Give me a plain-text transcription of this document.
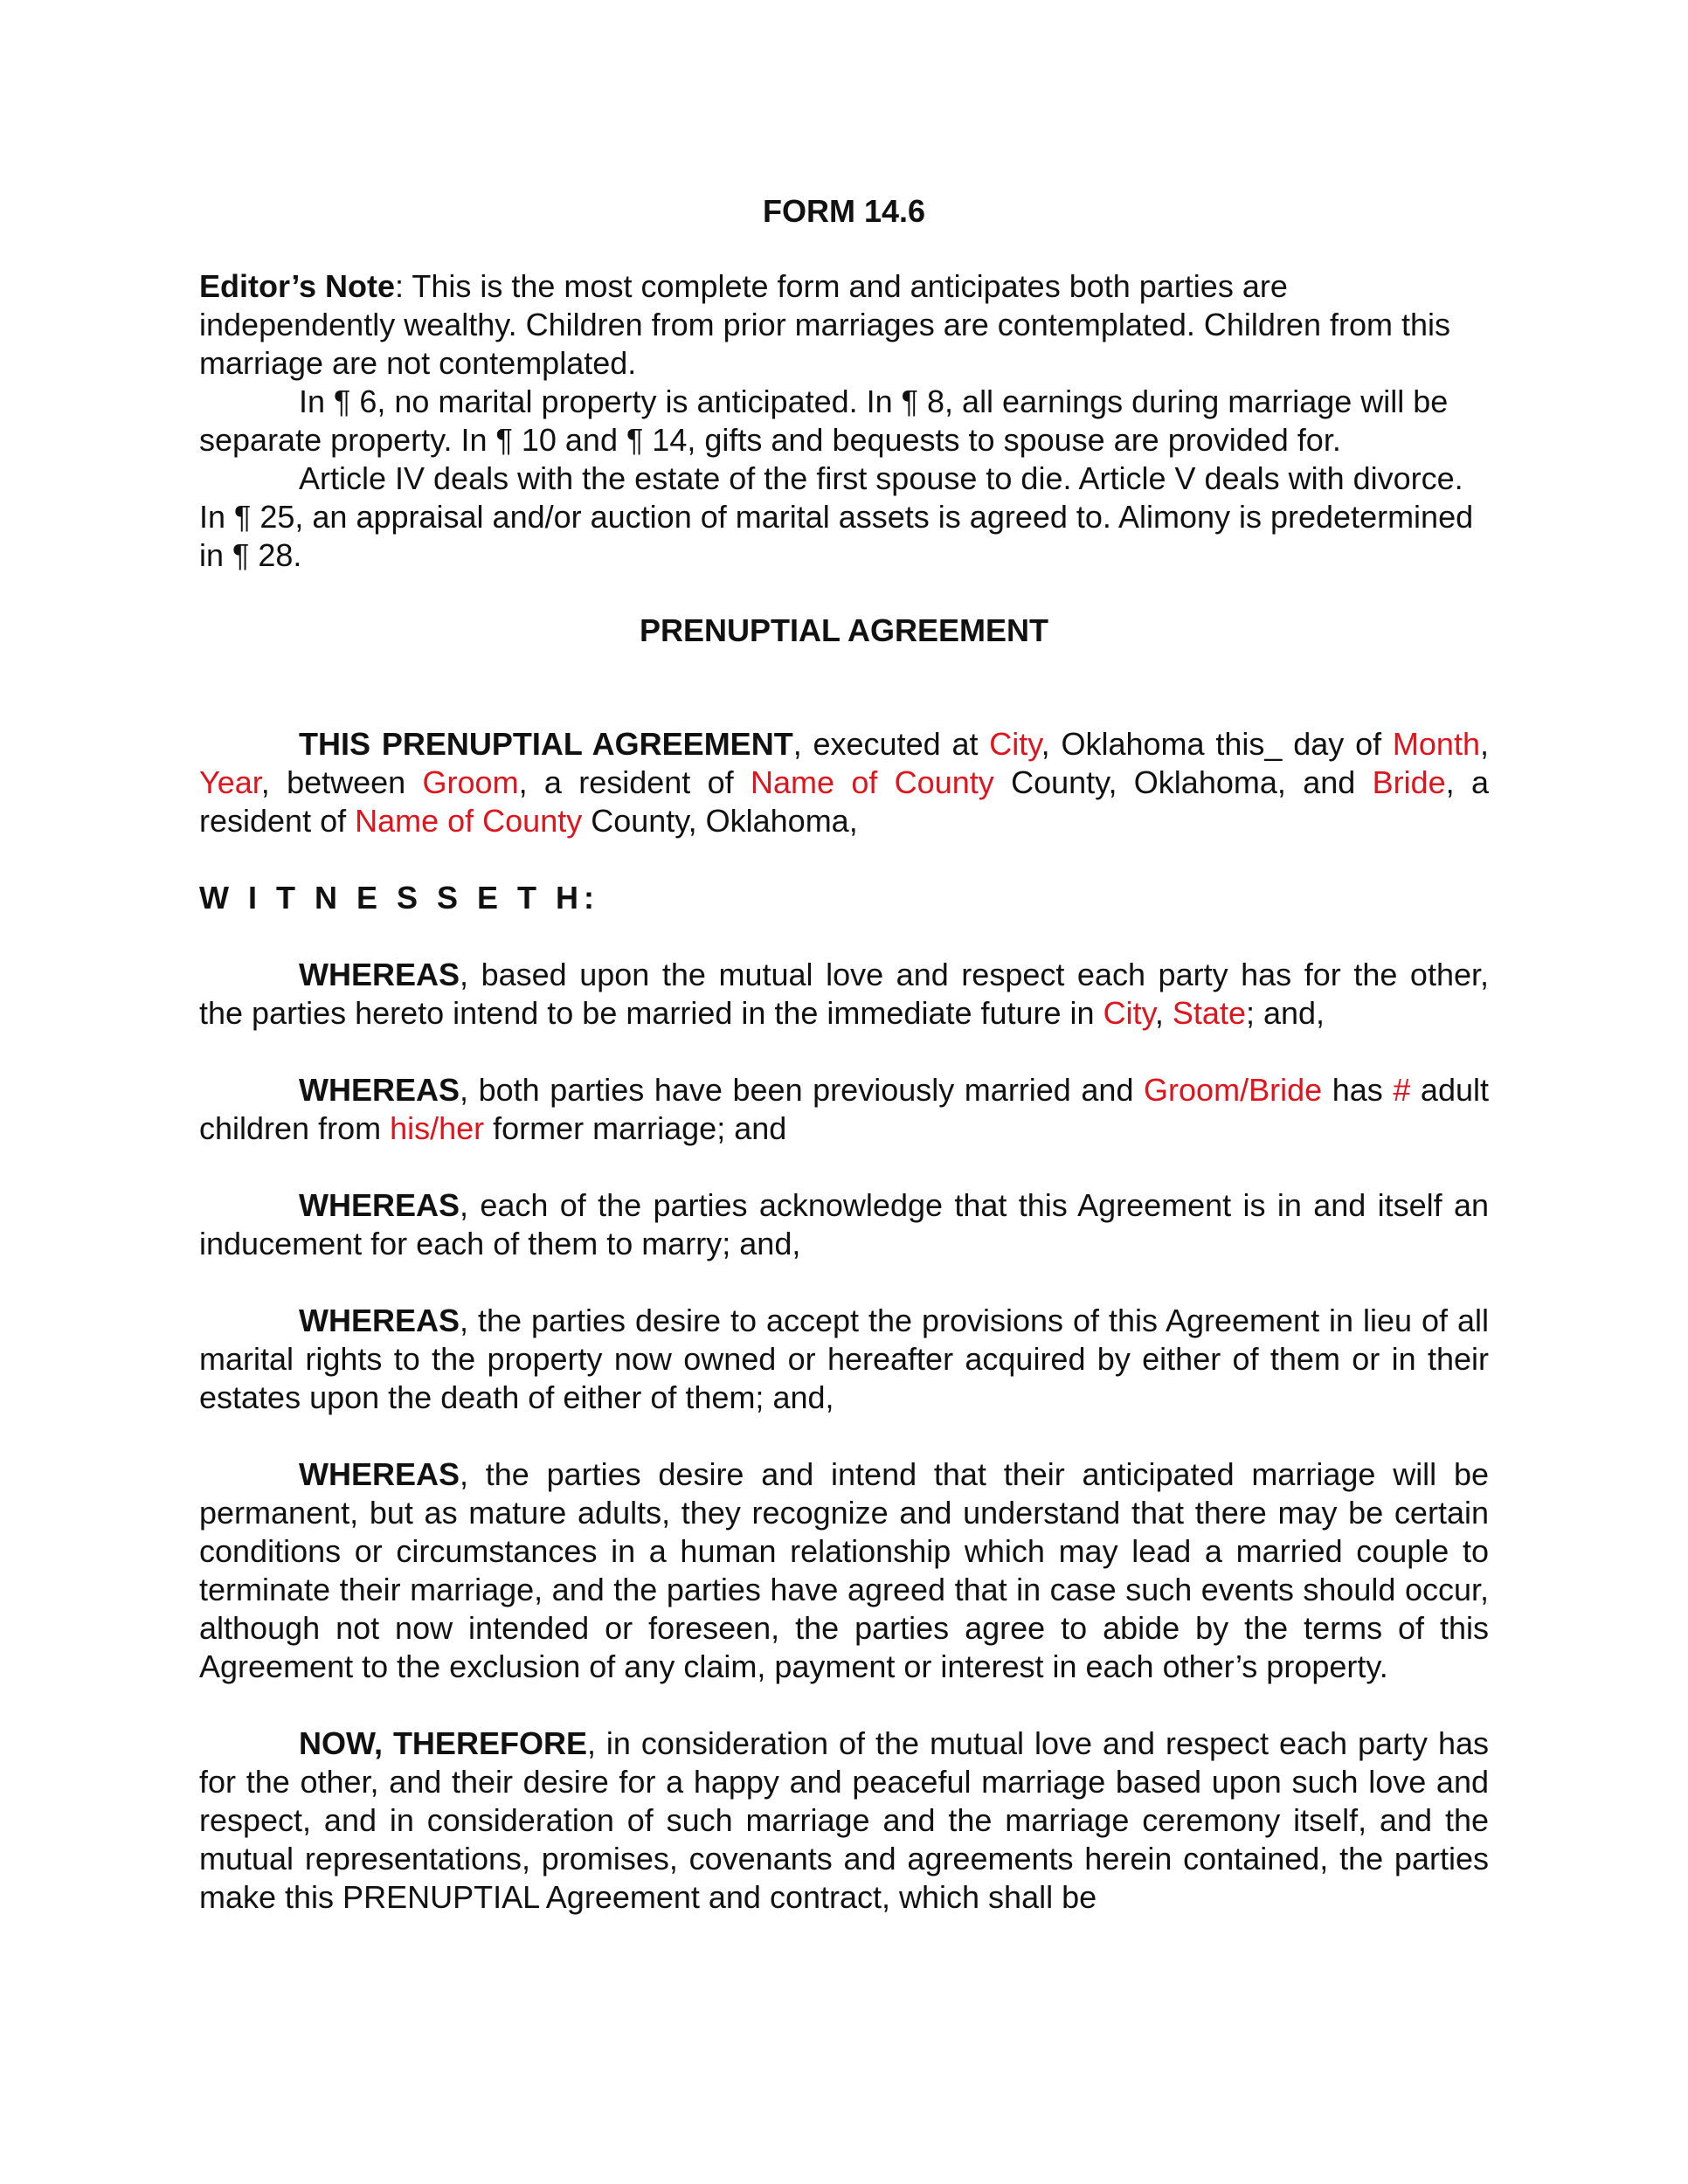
FORM 14.6

Editor’s Note: This is the most complete form and anticipates both parties are independently wealthy. Children from prior marriages are contemplated. Children from this marriage are not contemplated.

In ¶ 6, no marital property is anticipated. In ¶ 8, all earnings during marriage will be separate property. In ¶ 10 and ¶ 14, gifts and bequests to spouse are provided for.

Article IV deals with the estate of the first spouse to die. Article V deals with divorce. In ¶ 25, an appraisal and/or auction of marital assets is agreed to. Alimony is predetermined in ¶ 28.

PRENUPTIAL AGREEMENT

THIS PRENUPTIAL AGREEMENT, executed at City, Oklahoma this_ day of Month, Year, between Groom, a resident of Name of County County, Oklahoma, and Bride, a resident of Name of County County, Oklahoma,

W I T N E S S E T H:

WHEREAS, based upon the mutual love and respect each party has for the other, the parties hereto intend to be married in the immediate future in City, State; and,

WHEREAS, both parties have been previously married and Groom/Bride has # adult children from his/her former marriage; and

WHEREAS, each of the parties acknowledge that this Agreement is in and itself an inducement for each of them to marry; and,

WHEREAS, the parties desire to accept the provisions of this Agreement in lieu of all marital rights to the property now owned or hereafter acquired by either of them or in their estates upon the death of either of them; and,

WHEREAS, the parties desire and intend that their anticipated marriage will be permanent, but as mature adults, they recognize and understand that there may be certain conditions or circumstances in a human relationship which may lead a married couple to terminate their marriage, and the parties have agreed that in case such events should occur, although not now intended or foreseen, the parties agree to abide by the terms of this Agreement to the exclusion of any claim, payment or interest in each other’s property.

NOW, THEREFORE, in consideration of the mutual love and respect each party has for the other, and their desire for a happy and peaceful marriage based upon such love and respect, and in consideration of such marriage and the marriage ceremony itself, and the mutual representations, promises, covenants and agreements herein contained, the parties make this PRENUPTIAL Agreement and contract, which shall be
